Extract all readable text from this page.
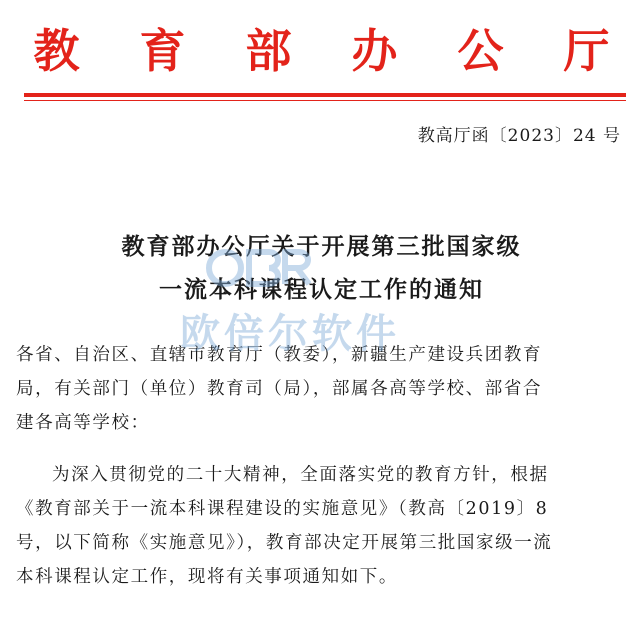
教 育 部 办 公 厅
教高厅函〔2023〕24 号
教育部办公厅关于开展第三批国家级
一流本科课程认定工作的通知
各省、自治区、直辖市教育厅（教委），新疆生产建设兵团教育
局，有关部门（单位）教育司（局），部属各高等学校、部省合
建各高等学校：
为深入贯彻党的二十大精神，全面落实党的教育方针，根据
《教育部关于一流本科课程建设的实施意见》（教高〔2019〕8
号，以下简称《实施意见》），教育部决定开展第三批国家级一流
本科课程认定工作，现将有关事项通知如下。
欧倍尔软件
